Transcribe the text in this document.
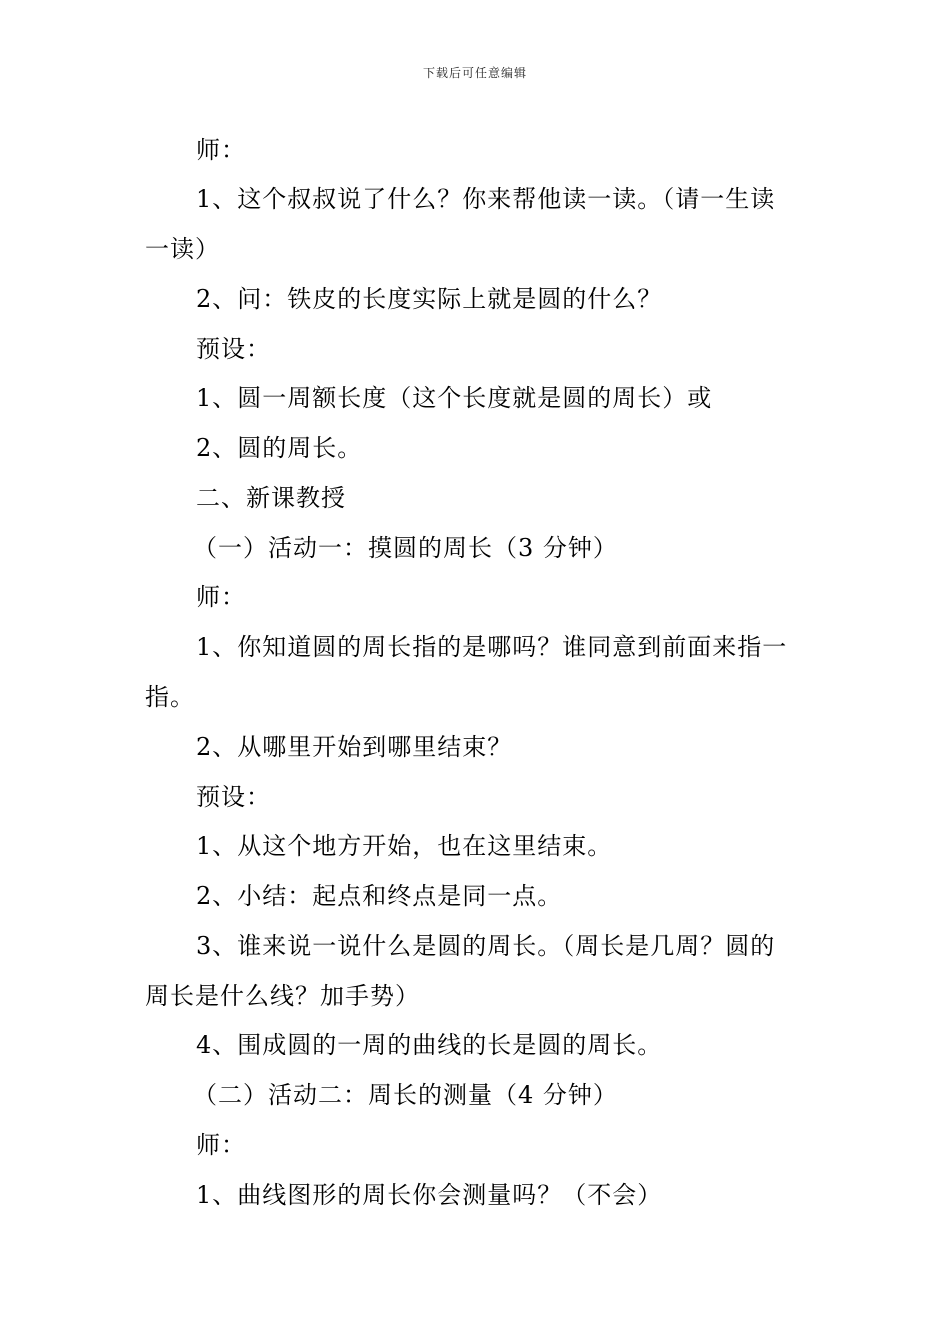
下载后可任意编辑
师：
1、这个叔叔说了什么？你来帮他读一读。（请一生读
一读）
2、问：铁皮的长度实际上就是圆的什么？
预设：
1、圆一周额长度（这个长度就是圆的周长）或
2、圆的周长。
二、新课教授
（一）活动一：摸圆的周长（3 分钟）
师：
1、你知道圆的周长指的是哪吗？谁同意到前面来指一
指。
2、从哪里开始到哪里结束？
预设：
1、从这个地方开始，也在这里结束。
2、小结：起点和终点是同一点。
3、谁来说一说什么是圆的周长。（周长是几周？圆的
周长是什么线？加手势）
4、围成圆的一周的曲线的长是圆的周长。
（二）活动二：周长的测量（4 分钟）
师：
1、曲线图形的周长你会测量吗？（不会）
